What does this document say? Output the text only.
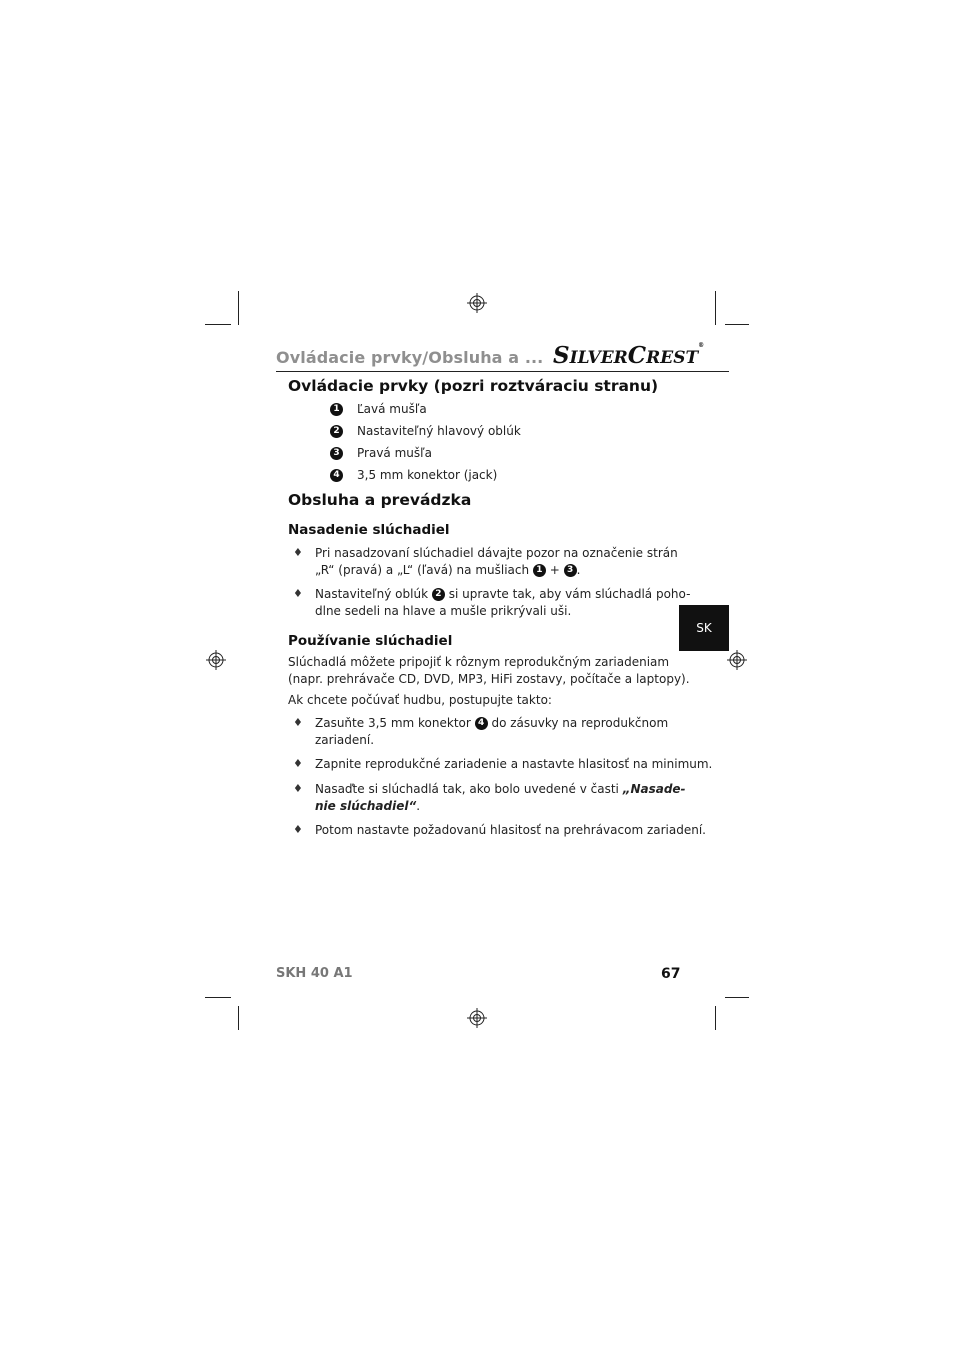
Ovládacie prvky/Obsluha a ... SILVERCREST®
Ovládacie prvky (pozri roztváraciu stranu)
1 Ľavá mušľa
2 Nastaviteľný hlavový oblúk
3 Pravá mušľa
4 3,5 mm konektor (jack)
Obsluha a prevádzka
Nasadenie slúchadiel
♦ Pri nasadzovaní slúchadiel dávajte pozor na označenie strán
„R“ (pravá) a „L“ (ľavá) na mušliach 1 + 3 .
♦ Nastaviteľný oblúk 2 si upravte tak, aby vám slúchadlá poho-
dlne sedeli na hlave a mušle prikrývali uši.
Používanie slúchadiel
Slúchadlá môžete pripojiť k rôznym reprodukčným zariadeniam
(napr. prehrávače CD, DVD, MP3, HiFi zostavy, počítače a laptopy).
Ak chcete počúvať hudbu, postupujte takto:
♦ Zasuňte 3,5 mm konektor 4 do zásuvky na reprodukčnom
zariadení.
♦ Zapnite reprodukčné zariadenie a nastavte hlasitosť na minimum.
♦ Nasaďte si slúchadlá tak, ako bolo uvedené v časti „Nasade-
nie slúchadiel“.
♦ Potom nastavte požadovanú hlasitosť na prehrávacom zariadení.
SK
SKH 40 A1	67
